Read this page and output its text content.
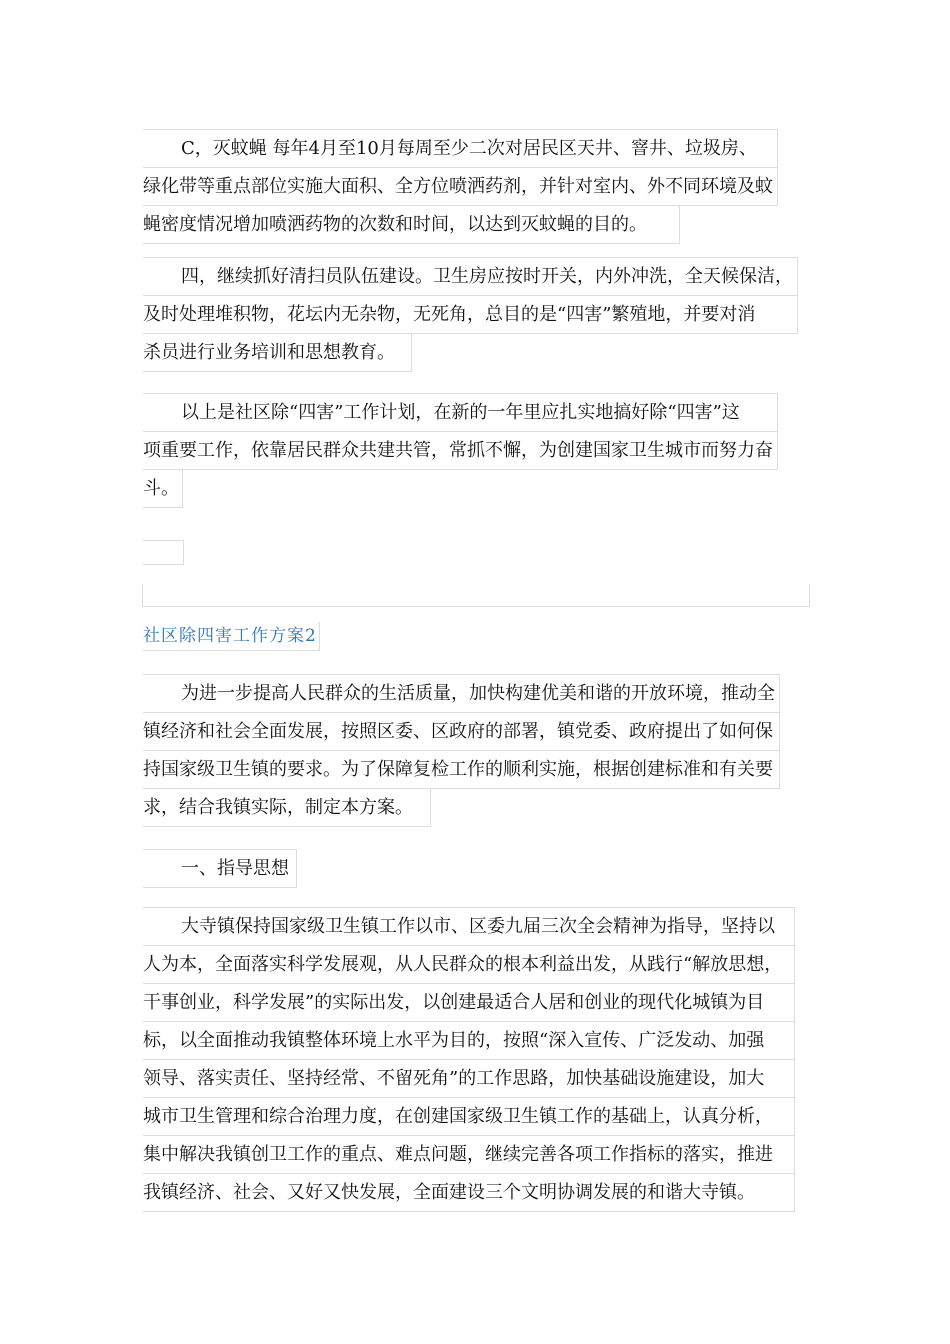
C，灭蚊蝇 每年4月至10月每周至少二次对居民区天井、窨井、垃圾房、
绿化带等重点部位实施大面积、全方位喷洒药剂，并针对室内、外不同环境及蚊
蝇密度情况增加喷洒药物的次数和时间，以达到灭蚊蝇的目的。
四，继续抓好清扫员队伍建设。卫生房应按时开关，内外冲洗，全天候保洁，
及时处理堆积物，花坛内无杂物，无死角，总目的是“四害”繁殖地，并要对消
杀员进行业务培训和思想教育。
以上是社区除“四害”工作计划，在新的一年里应扎实地搞好除“四害”这
项重要工作，依靠居民群众共建共管，常抓不懈，为创建国家卫生城市而努力奋
斗。
社区除四害工作方案2
为进一步提高人民群众的生活质量，加快构建优美和谐的开放环境，推动全
镇经济和社会全面发展，按照区委、区政府的部署，镇党委、政府提出了如何保
持国家级卫生镇的要求。为了保障复检工作的顺利实施，根据创建标准和有关要
求，结合我镇实际，制定本方案。
一、指导思想
大寺镇保持国家级卫生镇工作以市、区委九届三次全会精神为指导，坚持以
人为本，全面落实科学发展观，从人民群众的根本利益出发，从践行“解放思想，
干事创业，科学发展”的实际出发，以创建最适合人居和创业的现代化城镇为目
标，以全面推动我镇整体环境上水平为目的，按照“深入宣传、广泛发动、加强
领导、落实责任、坚持经常、不留死角”的工作思路，加快基础设施建设，加大
城市卫生管理和综合治理力度，在创建国家级卫生镇工作的基础上，认真分析，
集中解决我镇创卫工作的重点、难点问题，继续完善各项工作指标的落实，推进
我镇经济、社会、又好又快发展，全面建设三个文明协调发展的和谐大寺镇。
